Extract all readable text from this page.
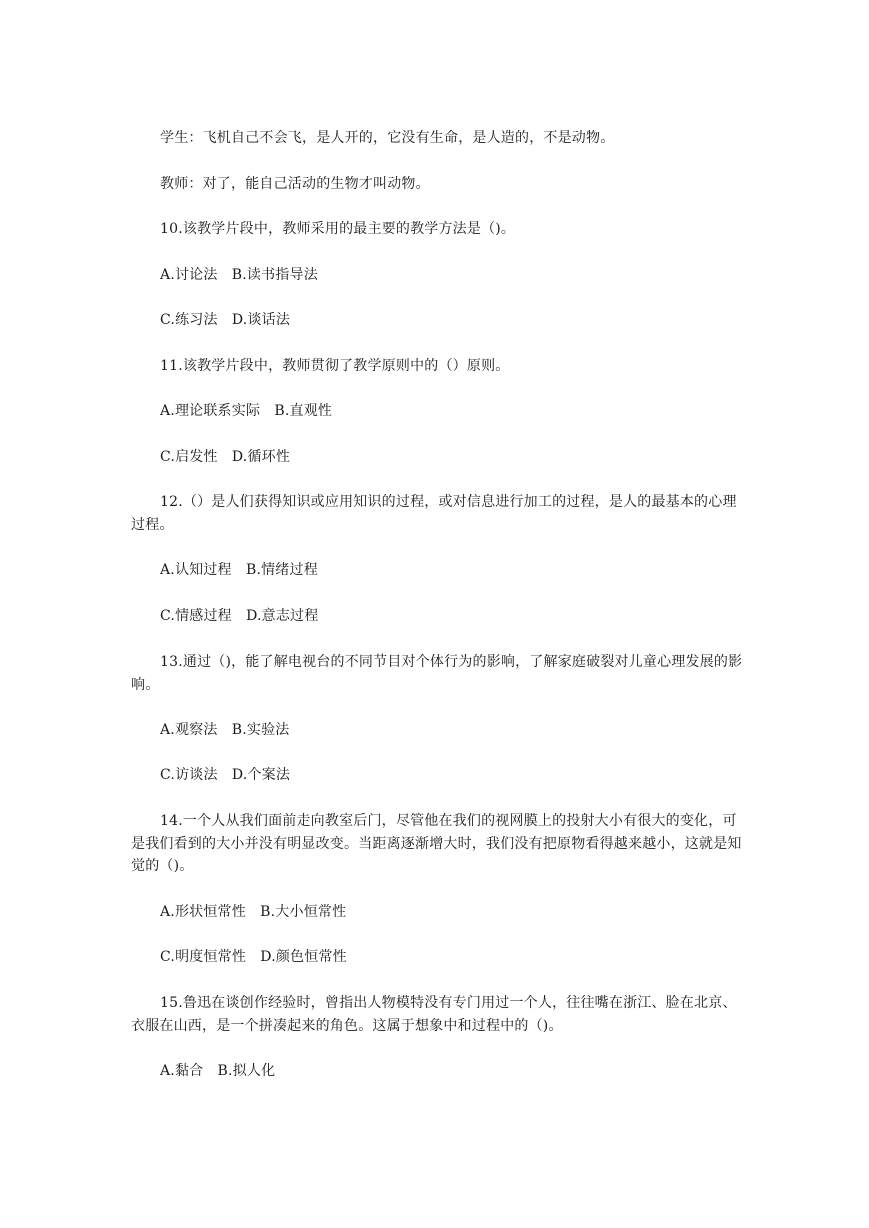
学生：飞机自己不会飞，是人开的，它没有生命，是人造的，不是动物。

教师：对了，能自己活动的生物才叫动物。

10.该教学片段中，教师采用的最主要的教学方法是（)。

A.讨论法　B.读书指导法

C.练习法　D.谈话法

11.该教学片段中，教师贯彻了教学原则中的（）原则。

A.理论联系实际　B.直观性

C.启发性　D.循环性

12.（）是人们获得知识或应用知识的过程，或对信息进行加工的过程，是人的最基本的心理过程。

A.认知过程　B.情绪过程

C.情感过程　D.意志过程

13.通过（)，能了解电视台的不同节目对个体行为的影响，了解家庭破裂对儿童心理发展的影响。

A.观察法　B.实验法

C.访谈法　D.个案法

14.一个人从我们面前走向教室后门，尽管他在我们的视网膜上的投射大小有很大的变化，可是我们看到的大小并没有明显改变。当距离逐渐增大时，我们没有把原物看得越来越小，这就是知觉的（)。

A.形状恒常性　B.大小恒常性

C.明度恒常性　D.颜色恒常性

15.鲁迅在谈创作经验时，曾指出人物模特没有专门用过一个人，往往嘴在浙江、脸在北京、衣服在山西，是一个拼凑起来的角色。这属于想象中和过程中的（)。

A.黏合　B.拟人化
